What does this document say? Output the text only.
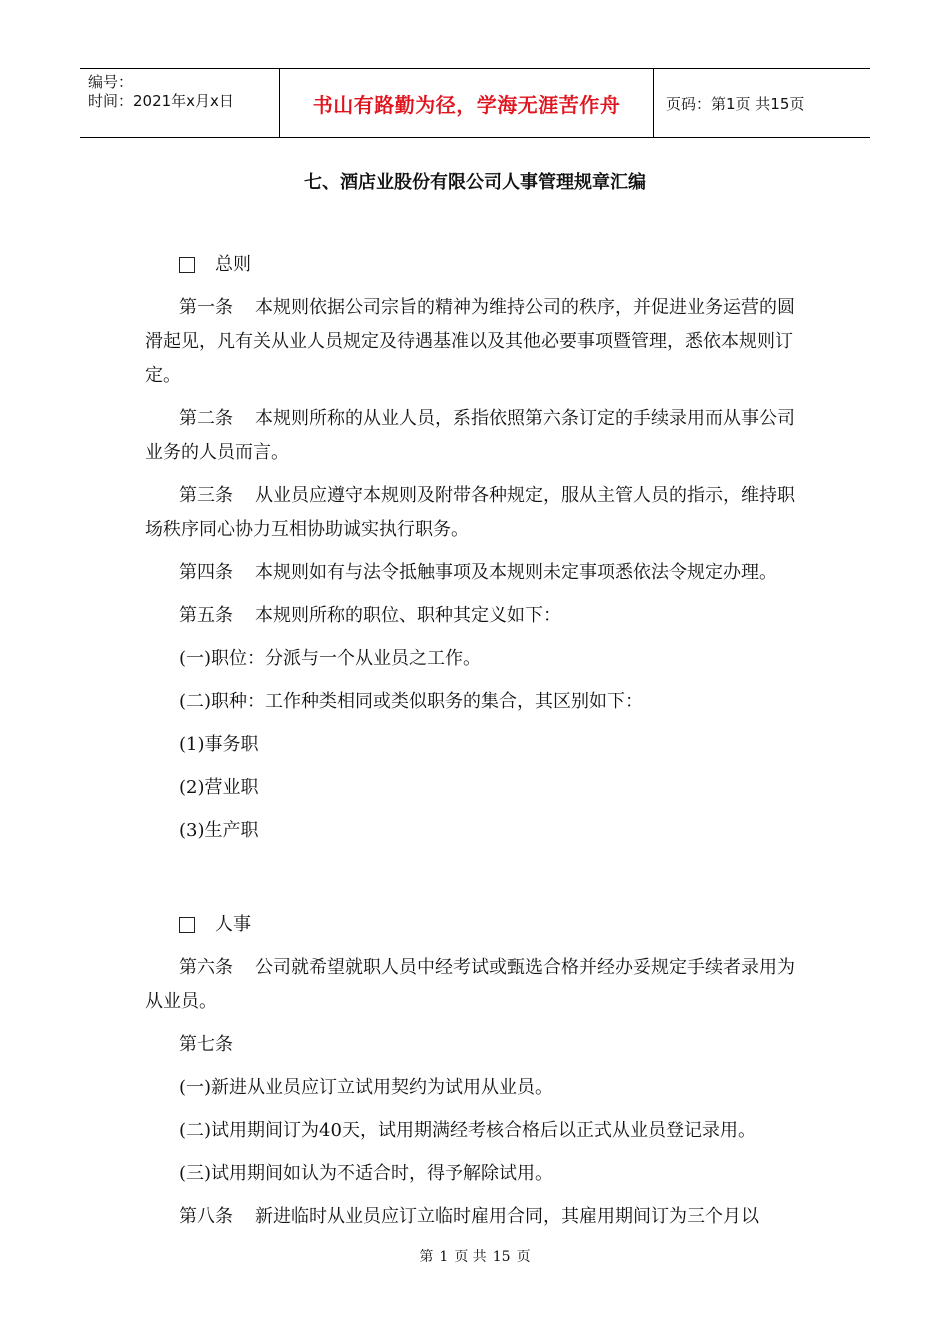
编号：
时间：2021年x月x日	书山有路勤为径，学海无涯苦作舟	页码：第1页 共15页
七、酒店业股份有限公司人事管理规章汇编
总则

第一条 本规则依据公司宗旨的精神为维持公司的秩序，并促进业务运营的圆滑起见，凡有关从业人员规定及待遇基准以及其他必要事项暨管理，悉依本规则订定。

第二条 本规则所称的从业人员，系指依照第六条订定的手续录用而从事公司业务的人员而言。

第三条 从业员应遵守本规则及附带各种规定，服从主管人员的指示，维持职场秩序同心协力互相协助诚实执行职务。

第四条 本规则如有与法令抵触事项及本规则未定事项悉依法令规定办理。

第五条 本规则所称的职位、职种其定义如下：

(一)职位：分派与一个从业员之工作。
(二)职种：工作种类相同或类似职务的集合，其区别如下：
(1)事务职
(2)营业职
(3)生产职
人事

第六条 公司就希望就职人员中经考试或甄选合格并经办妥规定手续者录用为从业员。

第七条
(一)新进从业员应订立试用契约为试用从业员。
(二)试用期间订为40天，试用期满经考核合格后以正式从业员登记录用。
(三)试用期间如认为不适合时，得予解除试用。

第八条 新进临时从业员应订立临时雇用合同，其雇用期间订为三个月以

第 1 页 共 15 页
